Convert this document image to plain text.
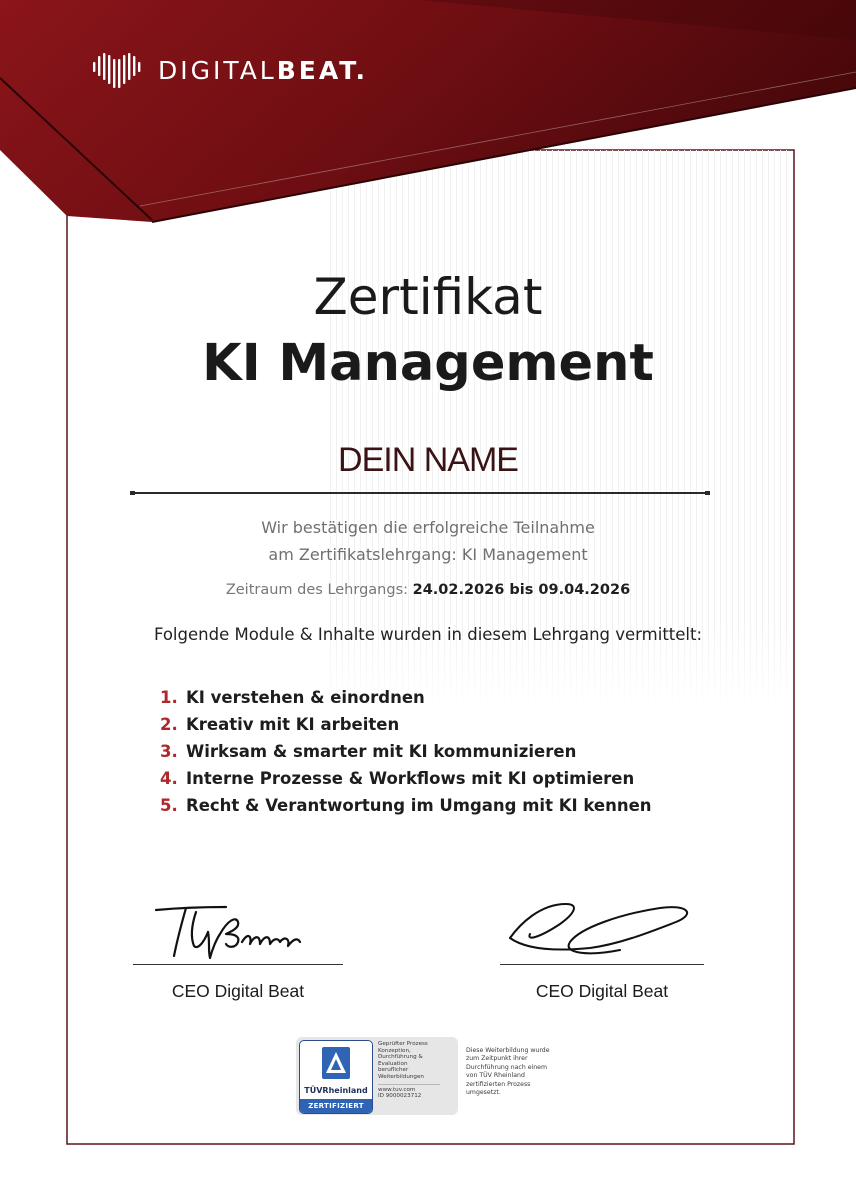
DIGITALBEAT.
Zertifikat
KI Management
DEIN NAME
Wir bestätigen die erfolgreiche Teilnahme
am Zertifikatslehrgang: KI Management
Zeitraum des Lehrgangs: 24.02.2026 bis 09.04.2026
Folgende Module & Inhalte wurden in diesem Lehrgang vermittelt:
1. KI verstehen & einordnen
2. Kreativ mit KI arbeiten
3. Wirksam & smarter mit KI kommunizieren
4. Interne Prozesse & Workflows mit KI optimieren
5. Recht & Verantwortung im Umgang mit KI kennen
CEO Digital Beat	CEO Digital Beat
TÜVRheinland
ZERTIFIZIERT
Geprüfter Prozess
Konzeption,
Durchführung &
Evaluation
beruflicher
Weiterbildungen
www.tuv.com
ID 9000023712
Diese Weiterbildung wurde
zum Zeitpunkt ihrer
Durchführung nach einem
von TÜV Rheinland
zertifizierten Prozess
umgesetzt.
